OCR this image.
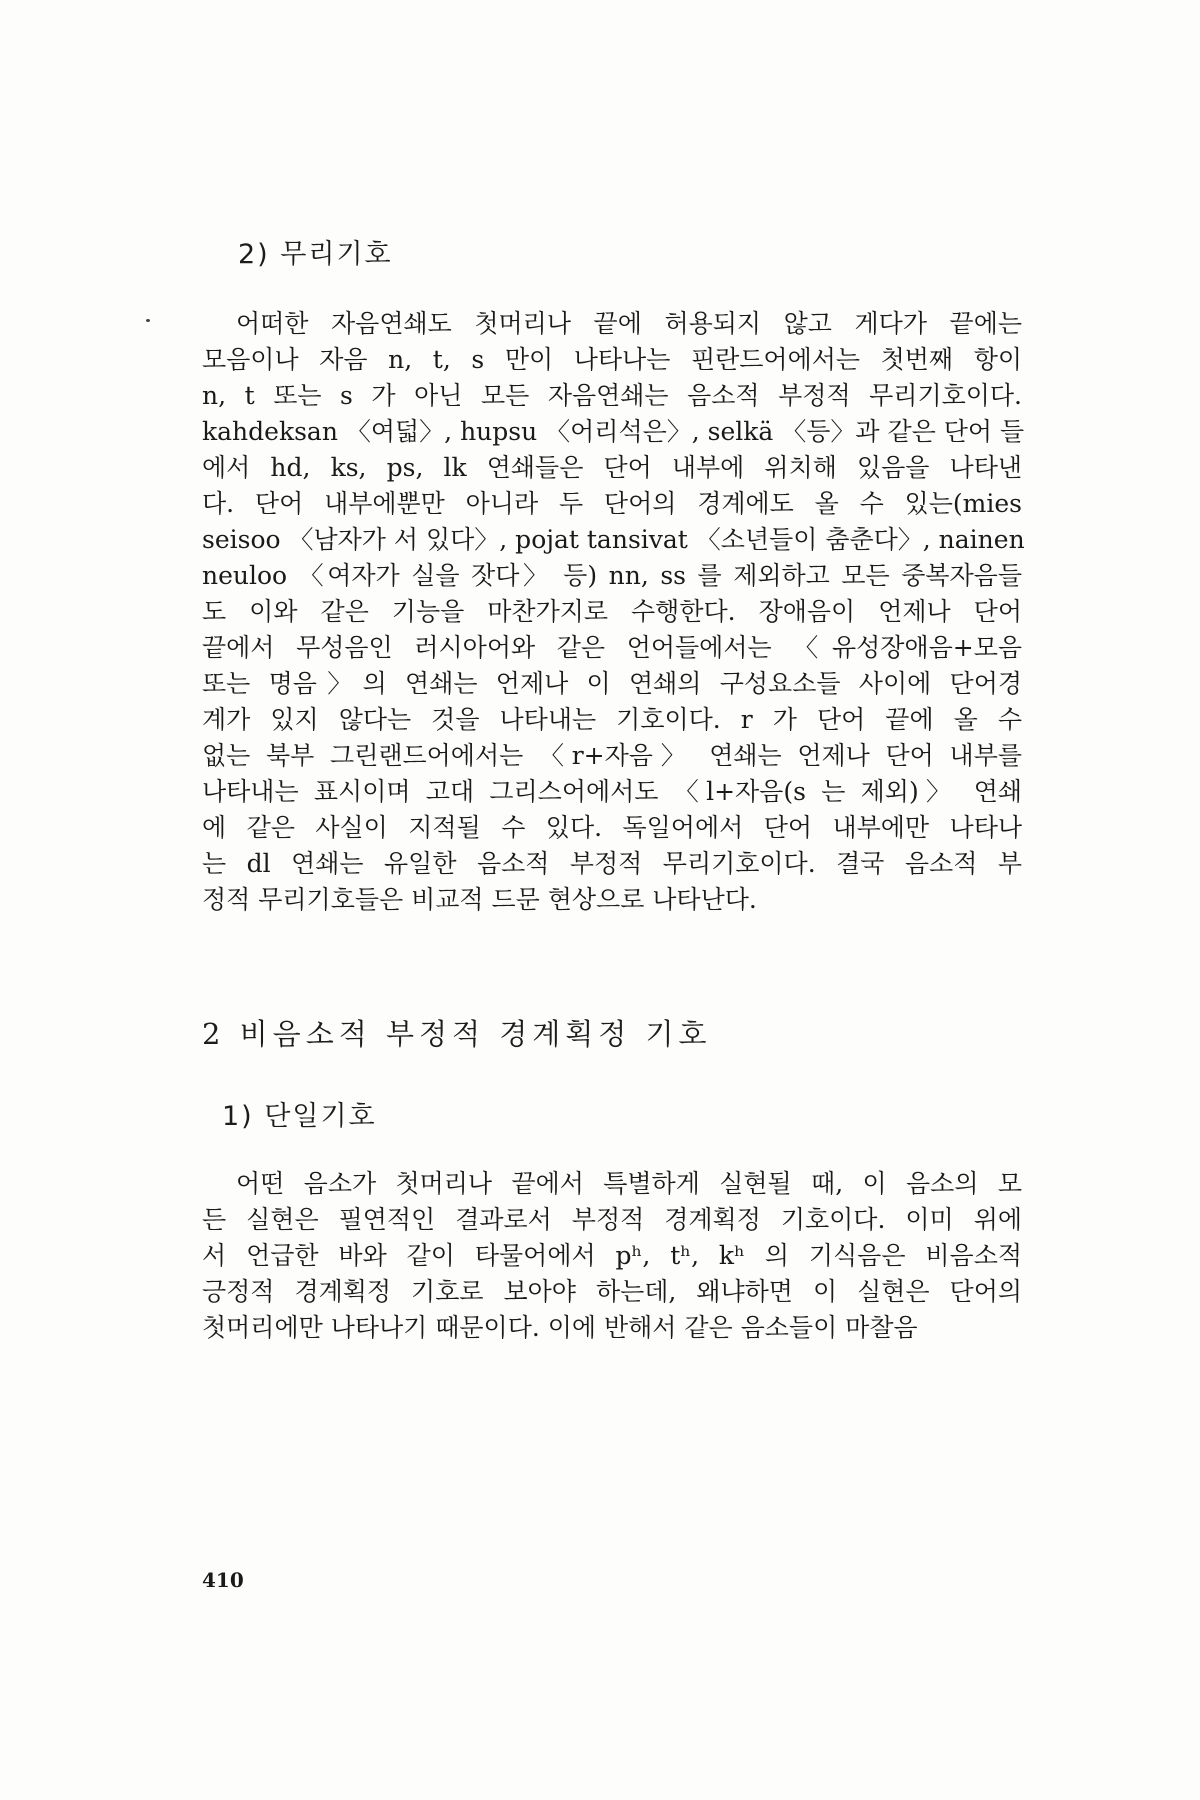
2) 무리기호
어떠한 자음연쇄도 첫머리나 끝에 허용되지 않고 게다가 끝에는
모음이나 자음 n, t, s 만이 나타나는 핀란드어에서는 첫번째 항이
n, t 또는 s 가 아닌 모든 자음연쇄는 음소적 부정적 무리기호이다.
kahdeksan 〈여덟〉, hupsu 〈어리석은〉, selkä 〈등〉과 같은 단어 들
에서 hd, ks, ps, lk 연쇄들은 단어 내부에 위치해 있음을 나타낸
다. 단어 내부에뿐만 아니라 두 단어의 경계에도 올 수 있는(mies
seisoo 〈남자가 서 있다〉, pojat tansivat 〈소년들이 춤춘다〉, nainen
neuloo 〈여자가 실을 잣다〉 등) nn, ss 를 제외하고 모든 중복자음들
도 이와 같은 기능을 마찬가지로 수행한다. 장애음이 언제나 단어
끝에서 무성음인 러시아어와 같은 언어들에서는 〈유성장애음+모음
또는 명음〉의 연쇄는 언제나 이 연쇄의 구성요소들 사이에 단어경
계가 있지 않다는 것을 나타내는 기호이다. r 가 단어 끝에 올 수
없는 북부 그린랜드어에서는 〈r+자음〉 연쇄는 언제나 단어 내부를
나타내는 표시이며 고대 그리스어에서도 〈l+자음(s 는 제외)〉 연쇄
에 같은 사실이 지적될 수 있다. 독일어에서 단어 내부에만 나타나
는 dl 연쇄는 유일한 음소적 부정적 무리기호이다. 결국 음소적 부
정적 무리기호들은 비교적 드문 현상으로 나타난다.
2 비음소적 부정적 경계획정 기호
1) 단일기호
어떤 음소가 첫머리나 끝에서 특별하게 실현될 때, 이 음소의 모
든 실현은 필연적인 결과로서 부정적 경계획정 기호이다. 이미 위에
서 언급한 바와 같이 타물어에서 pʰ, tʰ, kʰ 의 기식음은 비음소적
긍정적 경계획정 기호로 보아야 하는데, 왜냐하면 이 실현은 단어의
첫머리에만 나타나기 때문이다. 이에 반해서 같은 음소들이 마찰음
410
